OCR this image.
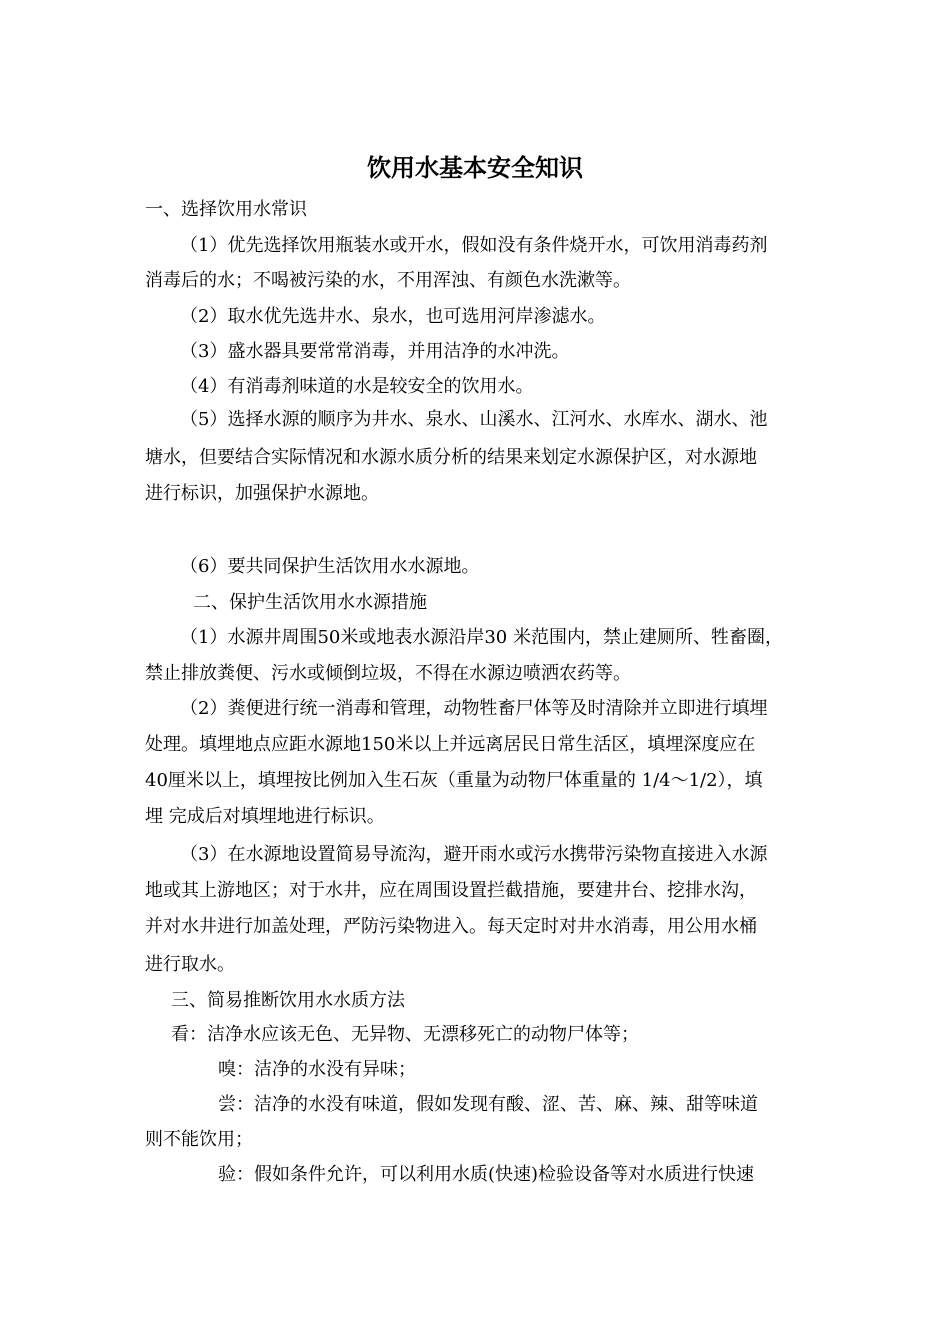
饮用水基本安全知识
一、选择饮用水常识
（1）优先选择饮用瓶装水或开水，假如没有条件烧开水，可饮用消毒药剂
消毒后的水；不喝被污染的水，不用浑浊、有颜色水洗漱等。
（2）取水优先选井水、泉水，也可选用河岸渗滤水。
（3）盛水器具要常常消毒，并用洁净的水冲洗。
（4）有消毒剂味道的水是较安全的饮用水。
（5）选择水源的顺序为井水、泉水、山溪水、江河水、水库水、湖水、池
塘水，但要结合实际情况和水源水质分析的结果来划定水源保护区，对水源地
进行标识，加强保护水源地。
（6）要共同保护生活饮用水水源地。
二、保护生活饮用水水源措施
（1）水源井周围50米或地表水源沿岸30 米范围内，禁止建厕所、牲畜圈，
禁止排放粪便、污水或倾倒垃圾，不得在水源边喷洒农药等。
（2）粪便进行统一消毒和管理，动物牲畜尸体等及时清除并立即进行填埋
处理。填埋地点应距水源地150米以上并远离居民日常生活区，填埋深度应在
40厘米以上，填埋按比例加入生石灰（重量为动物尸体重量的 1/4～1/2），填
埋 完成后对填埋地进行标识。
（3）在水源地设置简易导流沟，避开雨水或污水携带污染物直接进入水源
地或其上游地区；对于水井，应在周围设置拦截措施，要建井台、挖排水沟，
并对水井进行加盖处理，严防污染物进入。每天定时对井水消毒，用公用水桶
进行取水。
三、简易推断饮用水水质方法
看：洁净水应该无色、无异物、无漂移死亡的动物尸体等；
嗅：洁净的水没有异味；
尝：洁净的水没有味道，假如发现有酸、涩、苦、麻、辣、甜等味道
则不能饮用；
验：假如条件允许，可以利用水质(快速)检验设备等对水质进行快速
